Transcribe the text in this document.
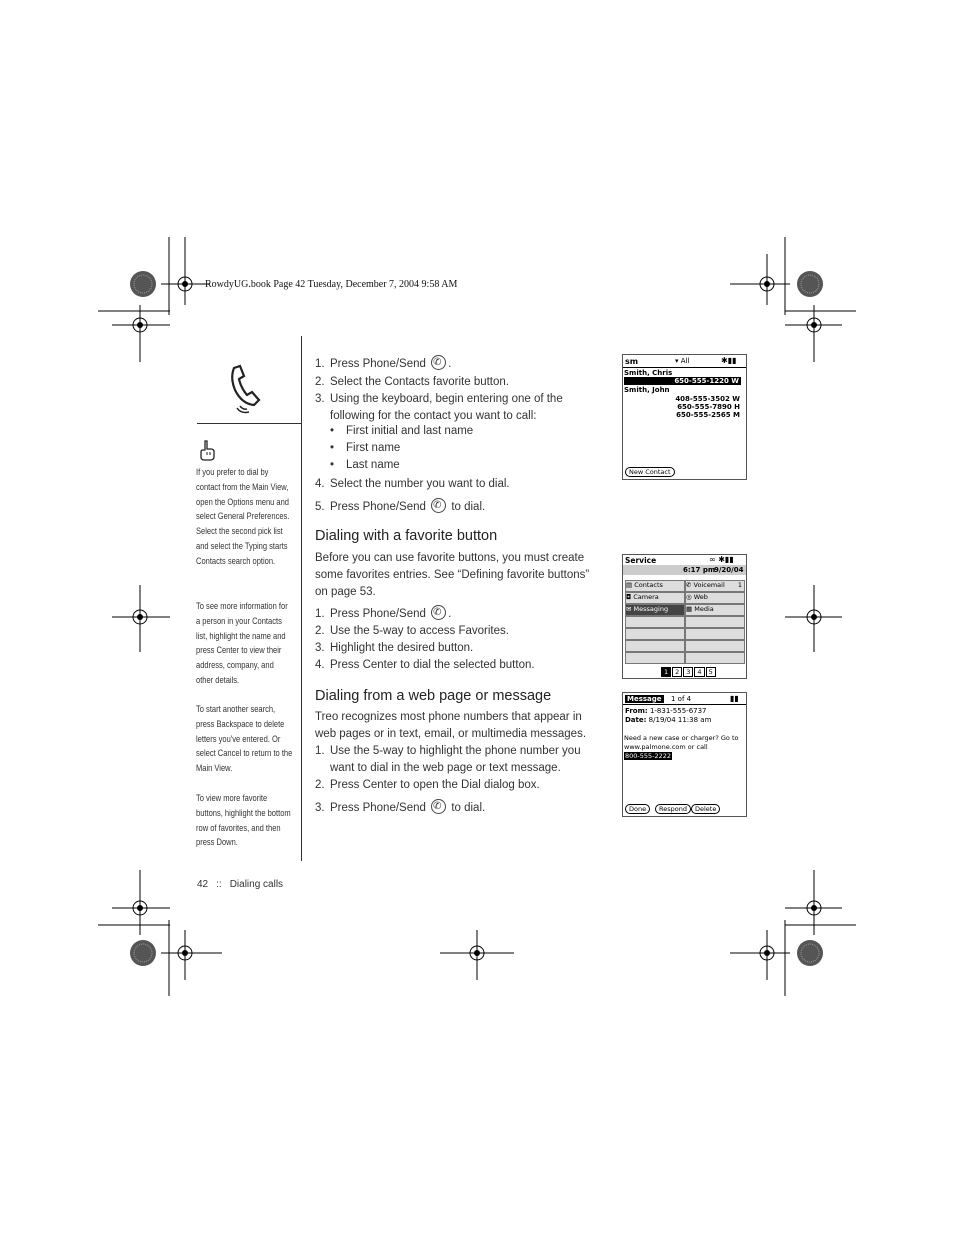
RowdyUG.book Page 42 Tuesday, December 7, 2004 9:58 AM
If you prefer to dial by contact from the Main View, open the Options menu and select General Preferences. Select the second pick list and select the Typing starts Contacts search option.
To see more information for a person in your Contacts list, highlight the name and press Center to view their address, company, and other details.
To start another search, press Backspace to delete letters you've entered. Or select Cancel to return to the Main View.
To view more favorite buttons, highlight the bottom row of favorites, and then press Down.
1. Press Phone/Send ✆ .
2. Select the Contacts favorite button.
3. Using the keyboard, begin entering one of the
following for the contact you want to call:
• First initial and last name
• First name
• Last name
4. Select the number you want to dial.
5. Press Phone/Send ✆ to dial.
Dialing with a favorite button
Before you can use favorite buttons, you must create some favorites entries. See “Defining favorite buttons” on page 53.
1. Press Phone/Send ✆ .
2. Use the 5-way to access Favorites.
3. Highlight the desired button.
4. Press Center to dial the selected button.
Dialing from a web page or message
Treo recognizes most phone numbers that appear in web pages or in text, email, or multimedia messages.
1. Use the 5-way to highlight the phone number you
want to dial in the web page or text message.
2. Press Center to open the Dial dialog box.
3. Press Phone/Send ✆ to dial.
sm	▾ All	✱▮▮
Smith, Chris
650-555-1220 W
Smith, John
408-555-3502 W
650-555-7890 H
650-555-2565 M
New Contact
Service	∞ ✱▮▮
6:17 pm
9/20/04
▤ Contacts	✆ Voicemail 1
◘ Camera	◎ Web
✉ Messaging	▦ Media
1	2	3	4	5
Message 1 of 4	▮▮
From: 1-831-555-6737
Date: 8/19/04 11:38 am
Need a new case or charger? Go to
www.palmone.com or call
800-555-2222
Done	Respond	Delete
42 :: Dialing calls
